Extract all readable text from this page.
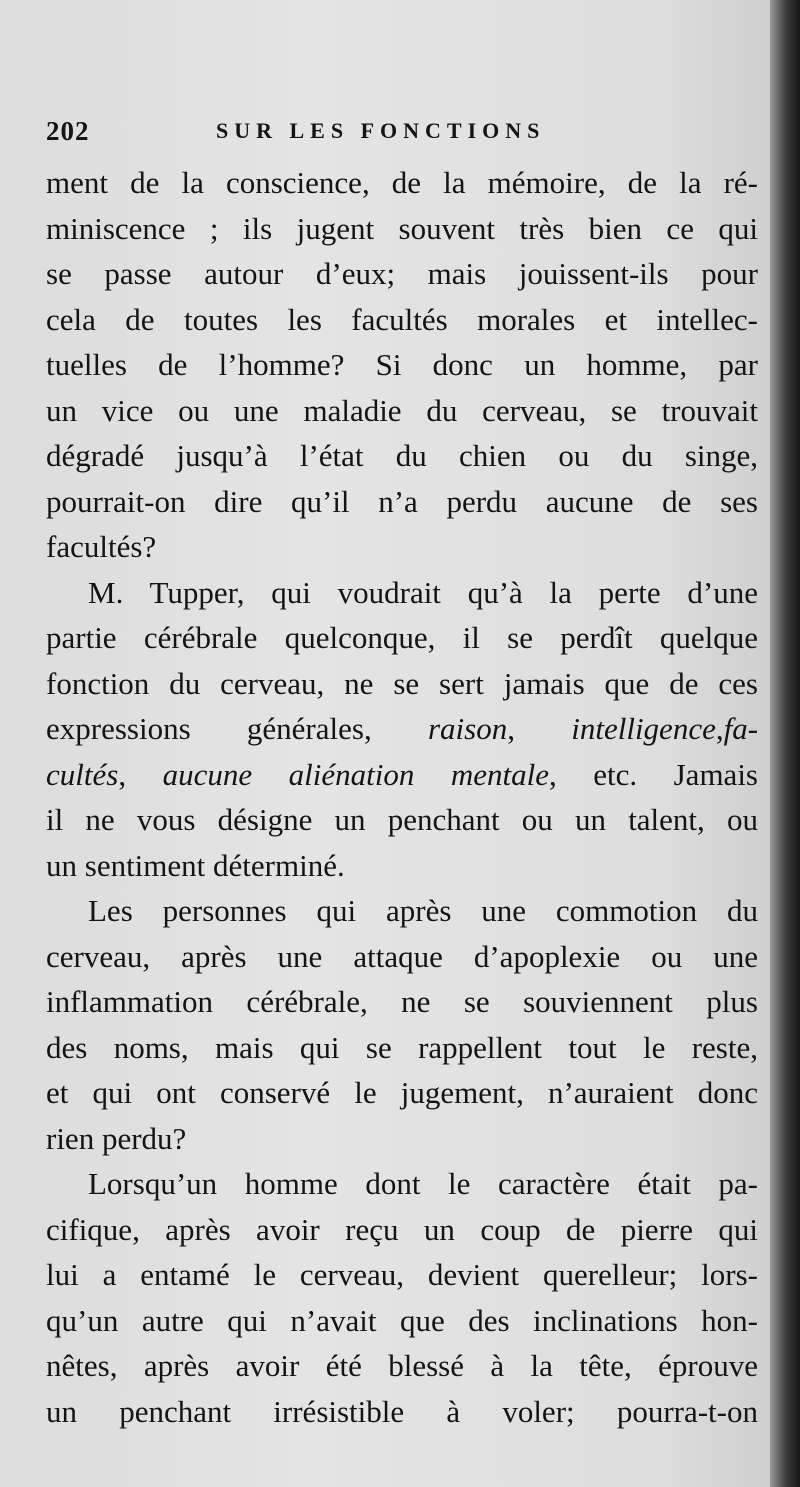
202	SUR LES FONCTIONS
ment de la conscience, de la mémoire, de la ré-
miniscence ; ils jugent souvent très bien ce qui
se passe autour d’eux; mais jouissent-ils pour
cela de toutes les facultés morales et intellec-
tuelles de l’homme? Si donc un homme, par
un vice ou une maladie du cerveau, se trouvait
dégradé jusqu’à l’état du chien ou du singe,
pourrait-on dire qu’il n’a perdu aucune de ses
facultés?
M. Tupper, qui voudrait qu’à la perte d’une
partie cérébrale quelconque, il se perdît quelque
fonction du cerveau, ne se sert jamais que de ces
expressions générales, raison, intelligence,fa-
cultés, aucune aliénation mentale, etc. Jamais
il ne vous désigne un penchant ou un talent, ou
un sentiment déterminé.
Les personnes qui après une commotion du
cerveau, après une attaque d’apoplexie ou une
inflammation cérébrale, ne se souviennent plus
des noms, mais qui se rappellent tout le reste,
et qui ont conservé le jugement, n’auraient donc
rien perdu?
Lorsqu’un homme dont le caractère était pa-
cifique, après avoir reçu un coup de pierre qui
lui a entamé le cerveau, devient querelleur; lors-
qu’un autre qui n’avait que des inclinations hon-
nêtes, après avoir été blessé à la tête, éprouve
un penchant irrésistible à voler; pourra-t-on
